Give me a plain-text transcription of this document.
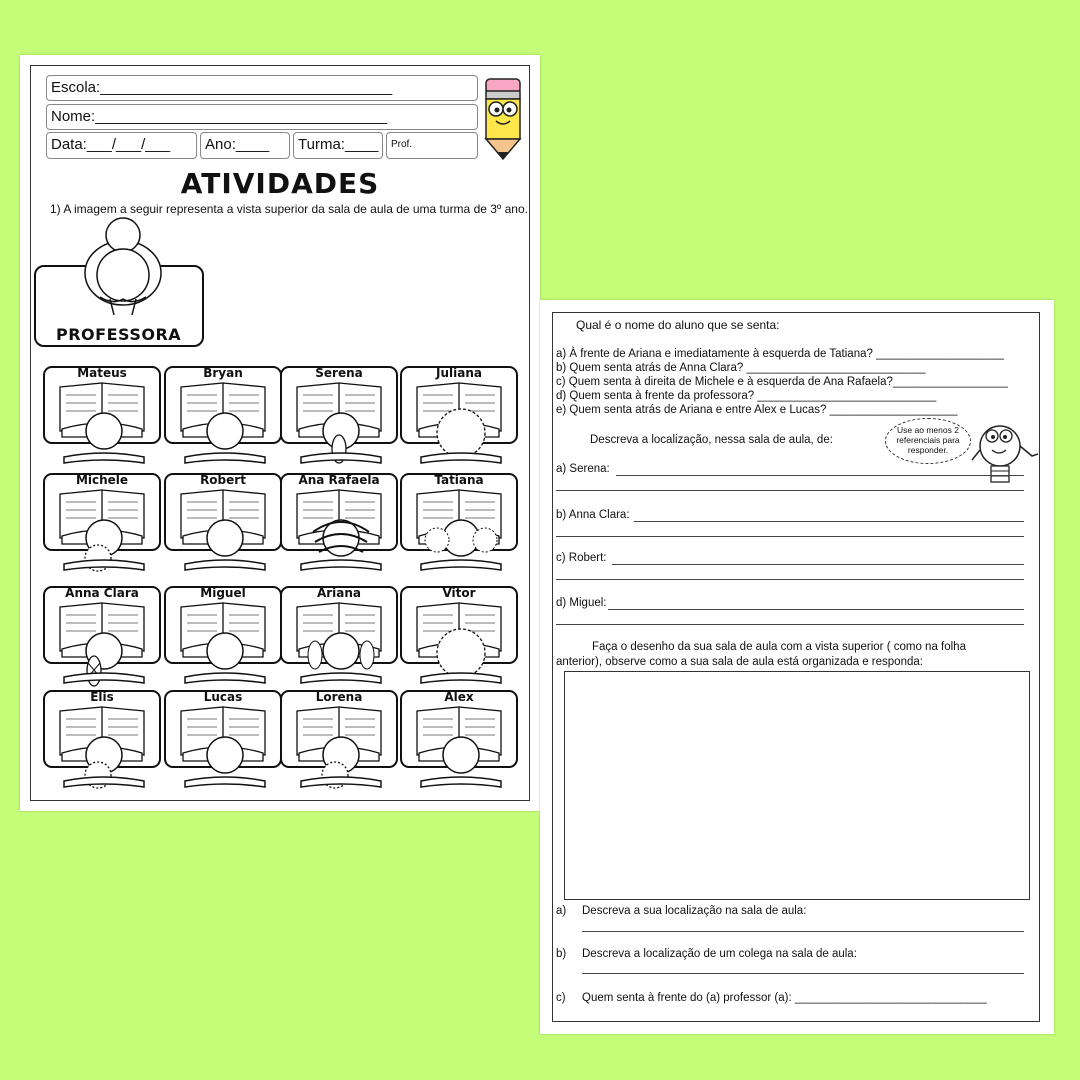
Escola:___________________________________
Nome:___________________________________
Data:___/___/___	Ano:____	Turma:____	Prof.
ATIVIDADES
1) A imagem a seguir representa a vista superior da sala de aula de uma turma de 3º ano.
PROFESSORA
Mateus	Bryan	Serena	Juliana
Michele	Robert	Ana Rafaela	Tatiana
Anna Clara	Miguel	Ariana	Vitor
Elis	Lucas	Lorena	Alex
Qual é o nome do aluno que se senta:
a) À frente de Ariana e imediatamente à esquerda de Tatiana? ____________________
b) Quem senta atrás de Anna Clara? ____________________________
c) Quem senta à direita de Michele e à esquerda de Ana Rafaela?__________________
d) Quem senta à frente da professora? ____________________________
e) Quem senta atrás de Ariana e entre Alex e Lucas? ____________________
Descreva a localização, nessa sala de aula, de:
Use ao menos 2 referenciais para responder.
a) Serena:
b) Anna Clara:
c) Robert:
d) Miguel:
Faça o desenho da sua sala de aula com a vista superior ( como na folha
anterior), observe como a sua sala de aula está organizada e responda:
a) Descreva a sua localização na sala de aula:
b) Descreva a localização de um colega na sala de aula:
c) Quem senta à frente do (a) professor (a): ______________________________
